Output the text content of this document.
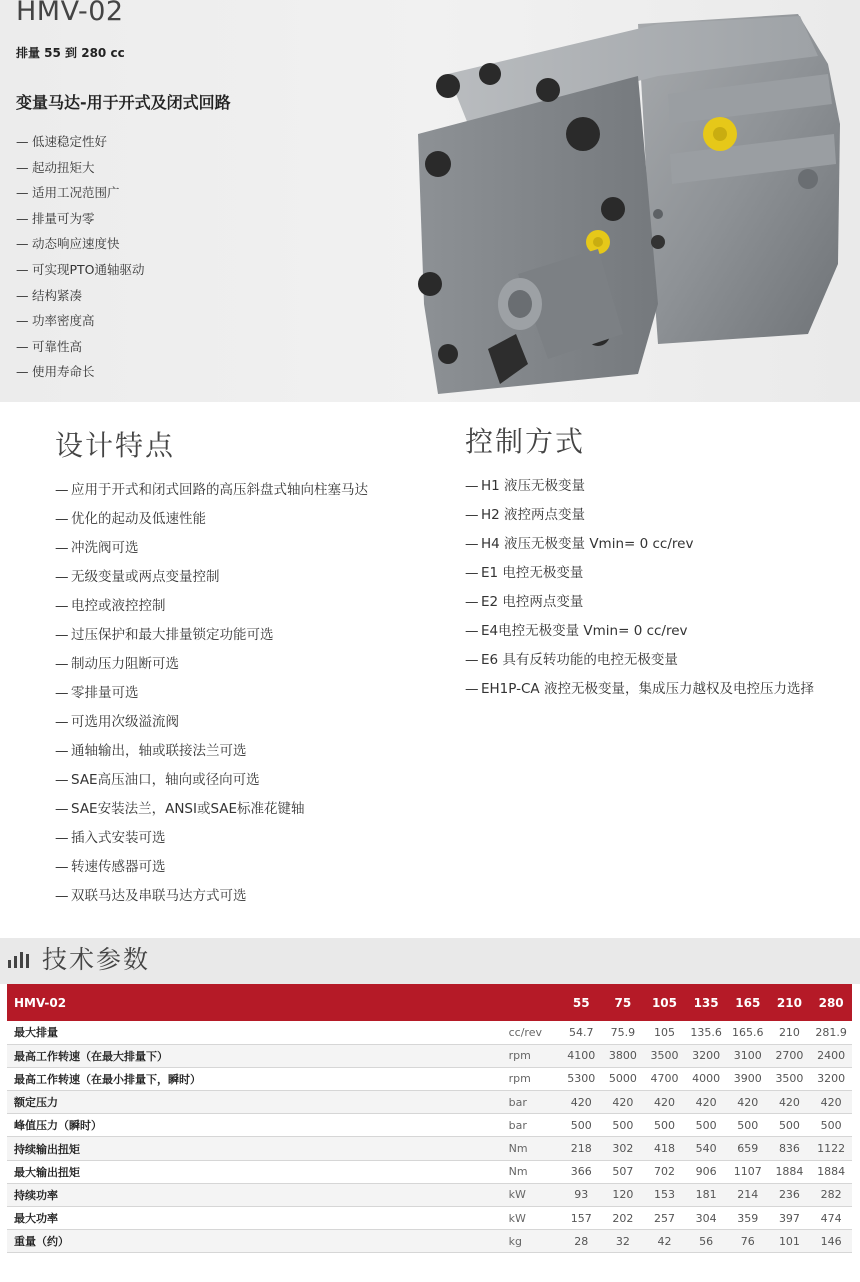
HMV-02
排量 55 到 280 cc
变量马达-用于开式及闭式回路
— 低速稳定性好
— 起动扭矩大
— 适用工况范围广
— 排量可为零
— 动态响应速度快
— 可实现PTO通轴驱动
— 结构紧凑
— 功率密度高
— 可靠性高
— 使用寿命长
设计特点
— 应用于开式和闭式回路的高压斜盘式轴向柱塞马达
— 优化的起动及低速性能
— 冲洗阀可选
— 无级变量或两点变量控制
— 电控或液控控制
— 过压保护和最大排量锁定功能可选
— 制动压力阻断可选
— 零排量可选
— 可选用次级溢流阀
— 通轴输出，轴或联接法兰可选
— SAE高压油口，轴向或径向可选
— SAE安装法兰，ANSI或SAE标准花键轴
— 插入式安装可选
— 转速传感器可选
— 双联马达及串联马达方式可选
控制方式
— H1 液压无极变量
— H2 液控两点变量
— H4 液压无极变量 Vmin= 0 cc/rev
— E1 电控无极变量
— E2 电控两点变量
— E4电控无极变量 Vmin= 0 cc/rev
— E6 具有反转功能的电控无极变量
— EH1P-CA 液控无极变量，集成压力越权及电控压力选择
技术参数
HMV-02		55	75	105	135	165	210	280
最大排量	cc/rev	54.7	75.9	105	135.6	165.6	210	281.9
最高工作转速（在最大排量下）	rpm	4100	3800	3500	3200	3100	2700	2400
最高工作转速（在最小排量下，瞬时）	rpm	5300	5000	4700	4000	3900	3500	3200
额定压力	bar	420	420	420	420	420	420	420
峰值压力（瞬时）	bar	500	500	500	500	500	500	500
持续输出扭矩	Nm	218	302	418	540	659	836	1122
最大输出扭矩	Nm	366	507	702	906	1107	1884	1884
持续功率	kW	93	120	153	181	214	236	282
最大功率	kW	157	202	257	304	359	397	474
重量（约）	kg	28	32	42	56	76	101	146
